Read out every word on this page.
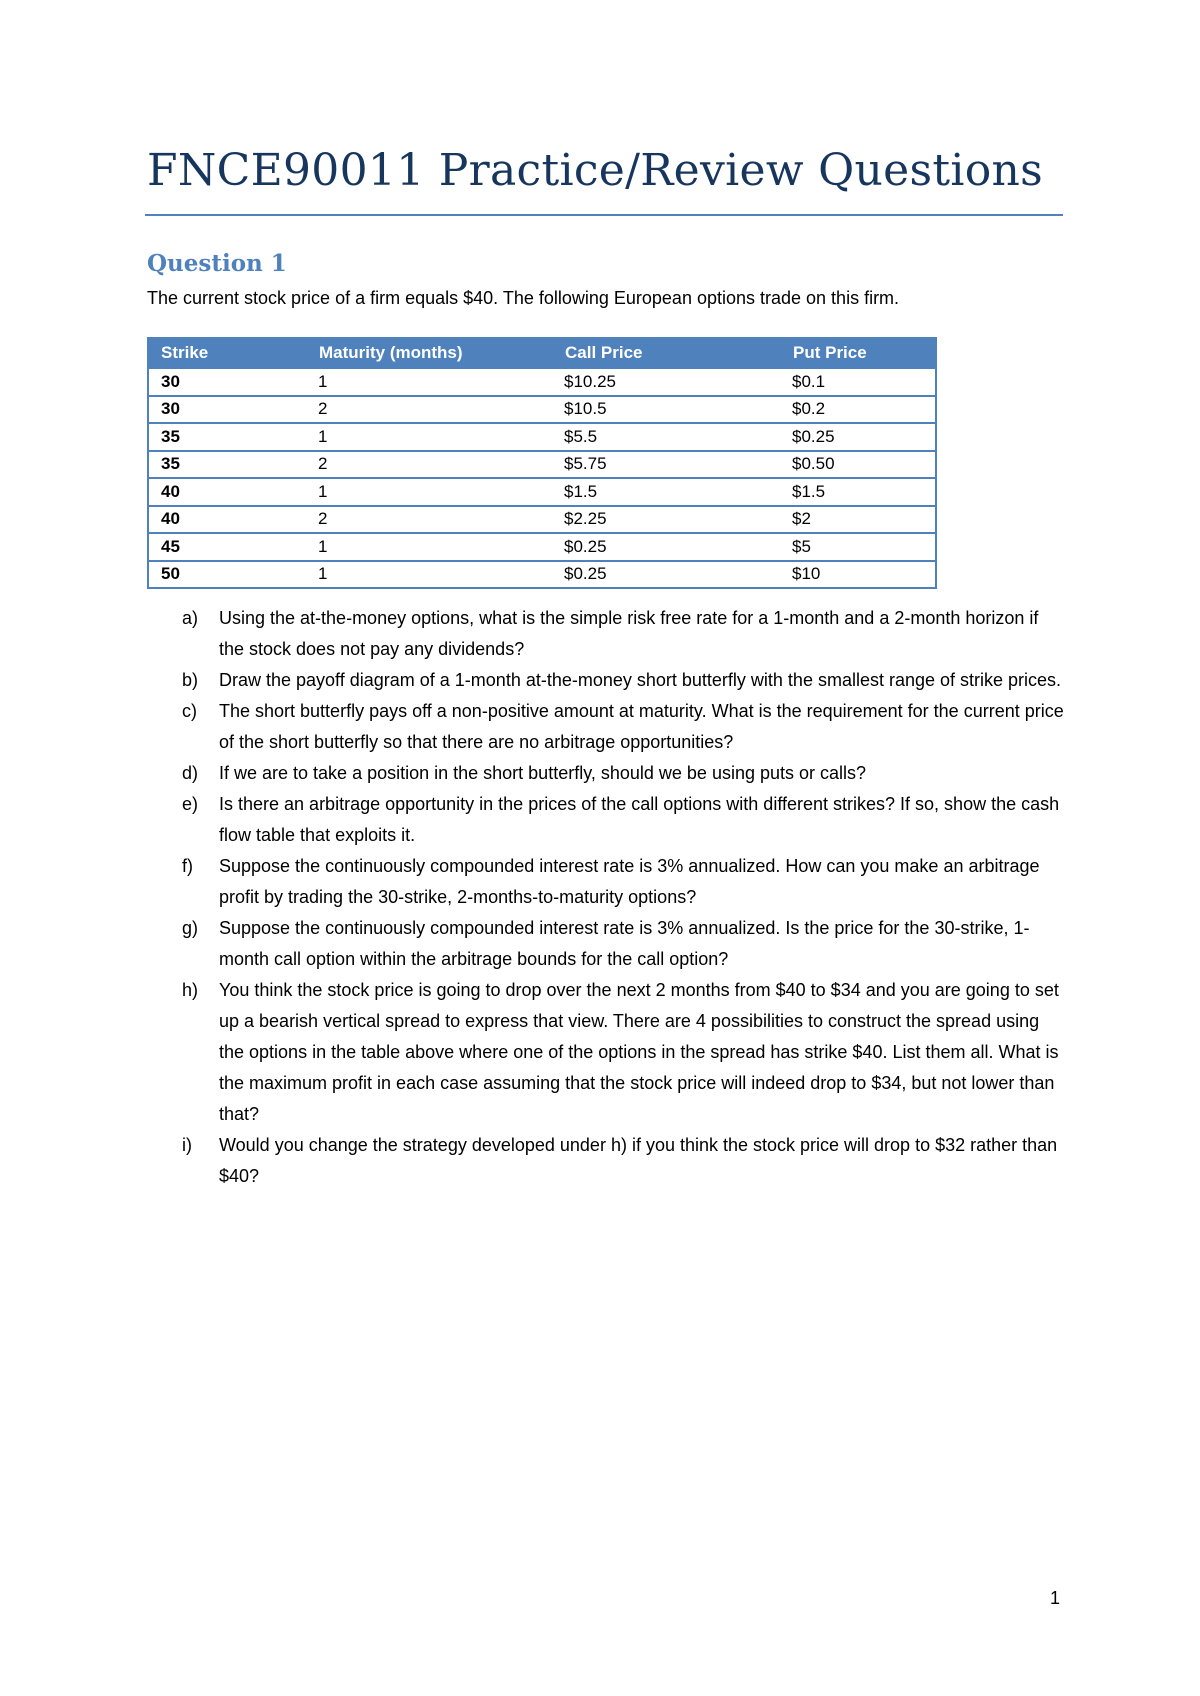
FNCE90011 Practice/Review Questions
Question 1

The current stock price of a firm equals $40. The following European options trade on this firm.

Strike	Maturity (months)	Call Price	Put Price
30	1	$10.25	$0.1
30	2	$10.5	$0.2
35	1	$5.5	$0.25
35	2	$5.75	$0.50
40	1	$1.5	$1.5
40	2	$2.25	$2
45	1	$0.25	$5
50	1	$0.25	$10
a) Using the at-the-money options, what is the simple risk free rate for a 1-month and a 2-month horizon if the stock does not pay any dividends?
b) Draw the payoff diagram of a 1-month at-the-money short butterfly with the smallest range of strike prices.
c) The short butterfly pays off a non-positive amount at maturity. What is the requirement for the current price of the short butterfly so that there are no arbitrage opportunities?
d) If we are to take a position in the short butterfly, should we be using puts or calls?
e) Is there an arbitrage opportunity in the prices of the call options with different strikes? If so, show the cash flow table that exploits it.
f) Suppose the continuously compounded interest rate is 3% annualized. How can you make an arbitrage profit by trading the 30-strike, 2-months-to-maturity options?
g) Suppose the continuously compounded interest rate is 3% annualized. Is the price for the 30-strike, 1-month call option within the arbitrage bounds for the call option?
h) You think the stock price is going to drop over the next 2 months from $40 to $34 and you are going to set up a bearish vertical spread to express that view. There are 4 possibilities to construct the spread using the options in the table above where one of the options in the spread has strike $40. List them all. What is the maximum profit in each case assuming that the stock price will indeed drop to $34, but not lower than that?
i) Would you change the strategy developed under h) if you think the stock price will drop to $32 rather than $40?

1
